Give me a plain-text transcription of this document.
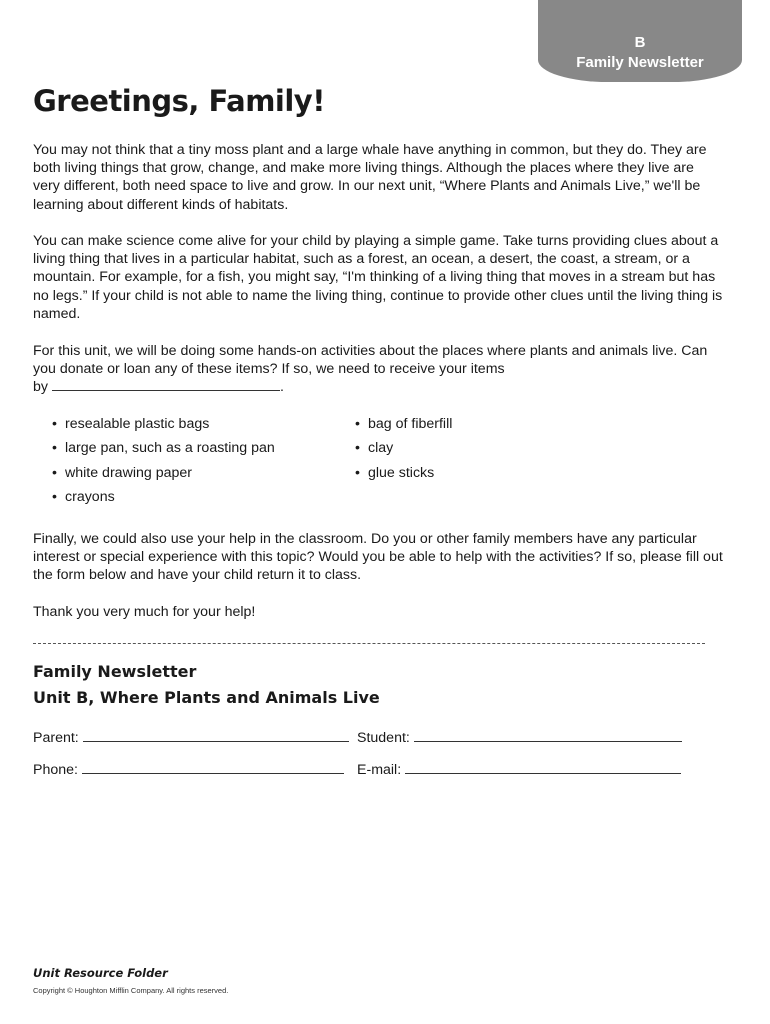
B
Family Newsletter
Greetings, Family!

You may not think that a tiny moss plant and a large whale have anything in common, but they do. They are both living things that grow, change, and make more living things. Although the places where they live are very different, both need space to live and grow. In our next unit, “Where Plants and Animals Live,” we'll be learning about different kinds of habitats.

You can make science come alive for your child by playing a simple game. Take turns providing clues about a living thing that lives in a particular habitat, such as a forest, an ocean, a desert, the coast, a stream, or a mountain. For example, for a fish, you might say, “I'm thinking of a living thing that moves in a stream but has no legs.” If your child is not able to name the living thing, continue to provide other clues until the living thing is named.

For this unit, we will be doing some hands-on activities about the places where plants and animals live. Can you donate or loan any of these items? If so, we need to receive your items
by	.

• resealable plastic bags
• large pan, such as a roasting pan
• white drawing paper
• crayons
• bag of fiberfill
• clay
• glue sticks

Finally, we could also use your help in the classroom. Do you or other family members have any particular interest or special experience with this topic? Would you be able to help with the activities? If so, please fill out the form below and have your child return it to class.

Thank you very much for your help!

Family Newsletter

Unit B, Where Plants and Animals Live

Parent:	Student:
Phone:	E-mail:

Unit Resource Folder

Copyright © Houghton Mifflin Company. All rights reserved.
